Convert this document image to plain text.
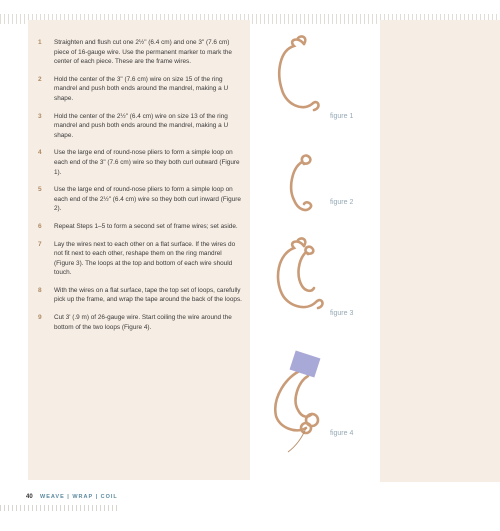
1	Straighten and flush cut one 2½" (6.4 cm) and one 3" (7.6 cm) piece of 16-gauge wire. Use the permanent marker to mark the center of each piece. These are the frame wires.
2	Hold the center of the 3" (7.6 cm) wire on size 15 of the ring mandrel and push both ends around the mandrel, making a U shape.
3	Hold the center of the 2½" (6.4 cm) wire on size 13 of the ring mandrel and push both ends around the mandrel, making a U shape.
4	Use the large end of round-nose pliers to form a simple loop on each end of the 3" (7.6 cm) wire so they both curl outward (Figure 1).
5	Use the large end of round-nose pliers to form a simple loop on each end of the 2½" (6.4 cm) wire so they both curl inward (Figure 2).
6	Repeat Steps 1–5 to form a second set of frame wires; set aside.
7	Lay the wires next to each other on a flat surface. If the wires do not fit next to each other, reshape them on the ring mandrel (Figure 3). The loops at the top and bottom of each wire should touch.
8	With the wires on a flat surface, tape the top set of loops, carefully pick up the frame, and wrap the tape around the back of the loops.
9	Cut 3' (.9 m) of 26-gauge wire. Start coiling the wire around the bottom of the two loops (Figure 4).
figure 1
figure 2
figure 3
figure 4
40 WEAVE | WRAP | COIL
(c) Eva-lution.ru
